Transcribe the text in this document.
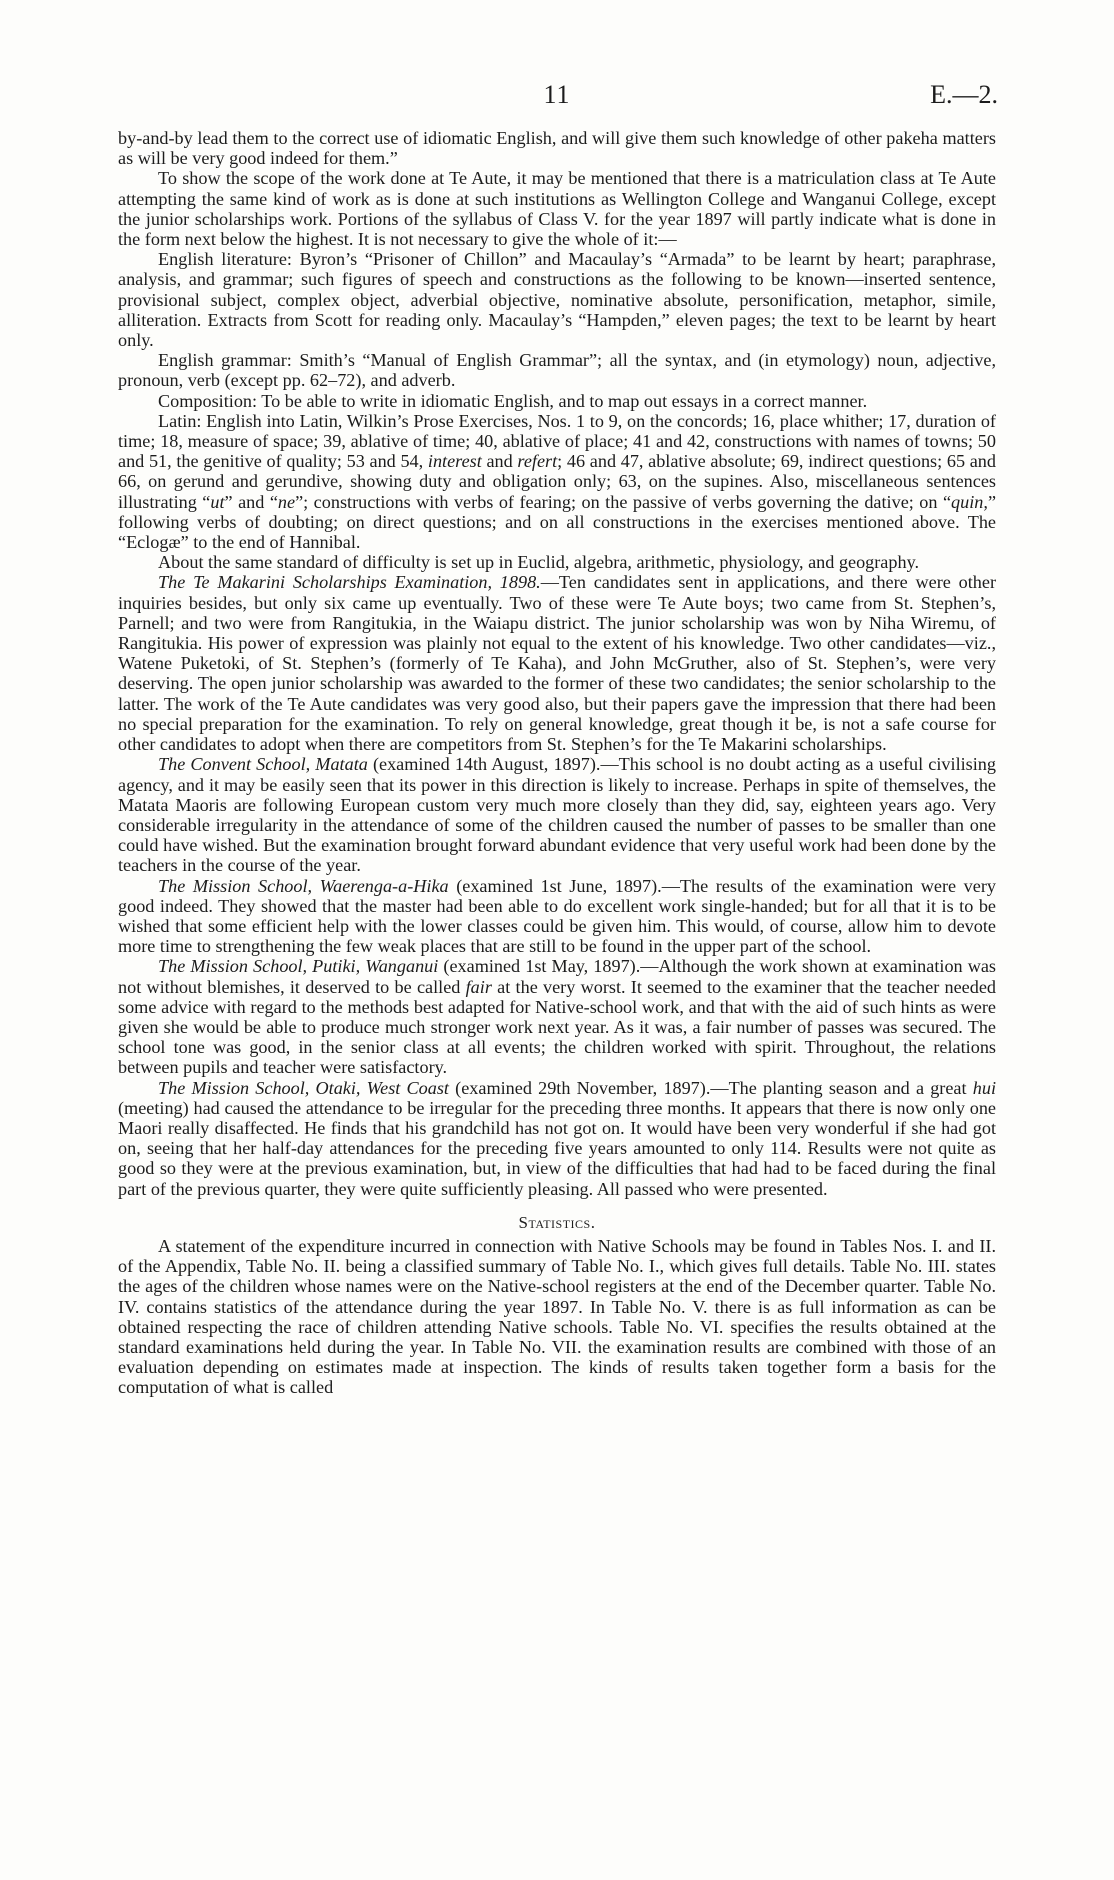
11	E.—2.

by-and-by lead them to the correct use of idiomatic English, and will give them such knowledge of other pakeha matters as will be very good indeed for them.”

To show the scope of the work done at Te Aute, it may be mentioned that there is a matriculation class at Te Aute attempting the same kind of work as is done at such institutions as Wellington College and Wanganui College, except the junior scholarships work. Portions of the syllabus of Class V. for the year 1897 will partly indicate what is done in the form next below the highest. It is not necessary to give the whole of it:—

English literature: Byron’s “Prisoner of Chillon” and Macaulay’s “Armada” to be learnt by heart; paraphrase, analysis, and grammar; such figures of speech and constructions as the following to be known—inserted sentence, provisional subject, complex object, adverbial objective, nominative absolute, personification, metaphor, simile, alliteration. Extracts from Scott for reading only. Macaulay’s “Hampden,” eleven pages; the text to be learnt by heart only.

English grammar: Smith’s “Manual of English Grammar”; all the syntax, and (in etymology) noun, adjective, pronoun, verb (except pp. 62–72), and adverb.

Composition: To be able to write in idiomatic English, and to map out essays in a correct manner.

Latin: English into Latin, Wilkin’s Prose Exercises, Nos. 1 to 9, on the concords; 16, place whither; 17, duration of time; 18, measure of space; 39, ablative of time; 40, ablative of place; 41 and 42, constructions with names of towns; 50 and 51, the genitive of quality; 53 and 54, interest and refert; 46 and 47, ablative absolute; 69, indirect questions; 65 and 66, on gerund and gerundive, showing duty and obligation only; 63, on the supines. Also, miscellaneous sentences illustrating “ut” and “ne”; constructions with verbs of fearing; on the passive of verbs governing the dative; on “quin,” following verbs of doubting; on direct questions; and on all constructions in the exercises mentioned above. The “Eclogæ” to the end of Hannibal.

About the same standard of difficulty is set up in Euclid, algebra, arithmetic, physiology, and geography.

The Te Makarini Scholarships Examination, 1898.—Ten candidates sent in applications, and there were other inquiries besides, but only six came up eventually. Two of these were Te Aute boys; two came from St. Stephen’s, Parnell; and two were from Rangitukia, in the Waiapu district. The junior scholarship was won by Niha Wiremu, of Rangitukia. His power of expression was plainly not equal to the extent of his knowledge. Two other candidates—viz., Watene Puketoki, of St. Stephen’s (formerly of Te Kaha), and John McGruther, also of St. Stephen’s, were very deserving. The open junior scholarship was awarded to the former of these two candidates; the senior scholarship to the latter. The work of the Te Aute candidates was very good also, but their papers gave the impression that there had been no special preparation for the examination. To rely on general knowledge, great though it be, is not a safe course for other candidates to adopt when there are competitors from St. Stephen’s for the Te Makarini scholarships.

The Convent School, Matata (examined 14th August, 1897).—This school is no doubt acting as a useful civilising agency, and it may be easily seen that its power in this direction is likely to increase. Perhaps in spite of themselves, the Matata Maoris are following European custom very much more closely than they did, say, eighteen years ago. Very considerable irregularity in the attendance of some of the children caused the number of passes to be smaller than one could have wished. But the examination brought forward abundant evidence that very useful work had been done by the teachers in the course of the year.

The Mission School, Waerenga-a-Hika (examined 1st June, 1897).—The results of the examination were very good indeed. They showed that the master had been able to do excellent work single-handed; but for all that it is to be wished that some efficient help with the lower classes could be given him. This would, of course, allow him to devote more time to strengthening the few weak places that are still to be found in the upper part of the school.

The Mission School, Putiki, Wanganui (examined 1st May, 1897).—Although the work shown at examination was not without blemishes, it deserved to be called fair at the very worst. It seemed to the examiner that the teacher needed some advice with regard to the methods best adapted for Native-school work, and that with the aid of such hints as were given she would be able to produce much stronger work next year. As it was, a fair number of passes was secured. The school tone was good, in the senior class at all events; the children worked with spirit. Throughout, the relations between pupils and teacher were satisfactory.

The Mission School, Otaki, West Coast (examined 29th November, 1897).—The planting season and a great hui (meeting) had caused the attendance to be irregular for the preceding three months. It appears that there is now only one Maori really disaffected. He finds that his grandchild has not got on. It would have been very wonderful if she had got on, seeing that her half-day attendances for the preceding five years amounted to only 114. Results were not quite as good so they were at the previous examination, but, in view of the difficulties that had had to be faced during the final part of the previous quarter, they were quite sufficiently pleasing. All passed who were presented.

Statistics.

A statement of the expenditure incurred in connection with Native Schools may be found in Tables Nos. I. and II. of the Appendix, Table No. II. being a classified summary of Table No. I., which gives full details. Table No. III. states the ages of the children whose names were on the Native-school registers at the end of the December quarter. Table No. IV. contains statistics of the attendance during the year 1897. In Table No. V. there is as full information as can be obtained respecting the race of children attending Native schools. Table No. VI. specifies the results obtained at the standard examinations held during the year. In Table No. VII. the examination results are combined with those of an evaluation depending on estimates made at inspection. The kinds of results taken together form a basis for the computation of what is called
